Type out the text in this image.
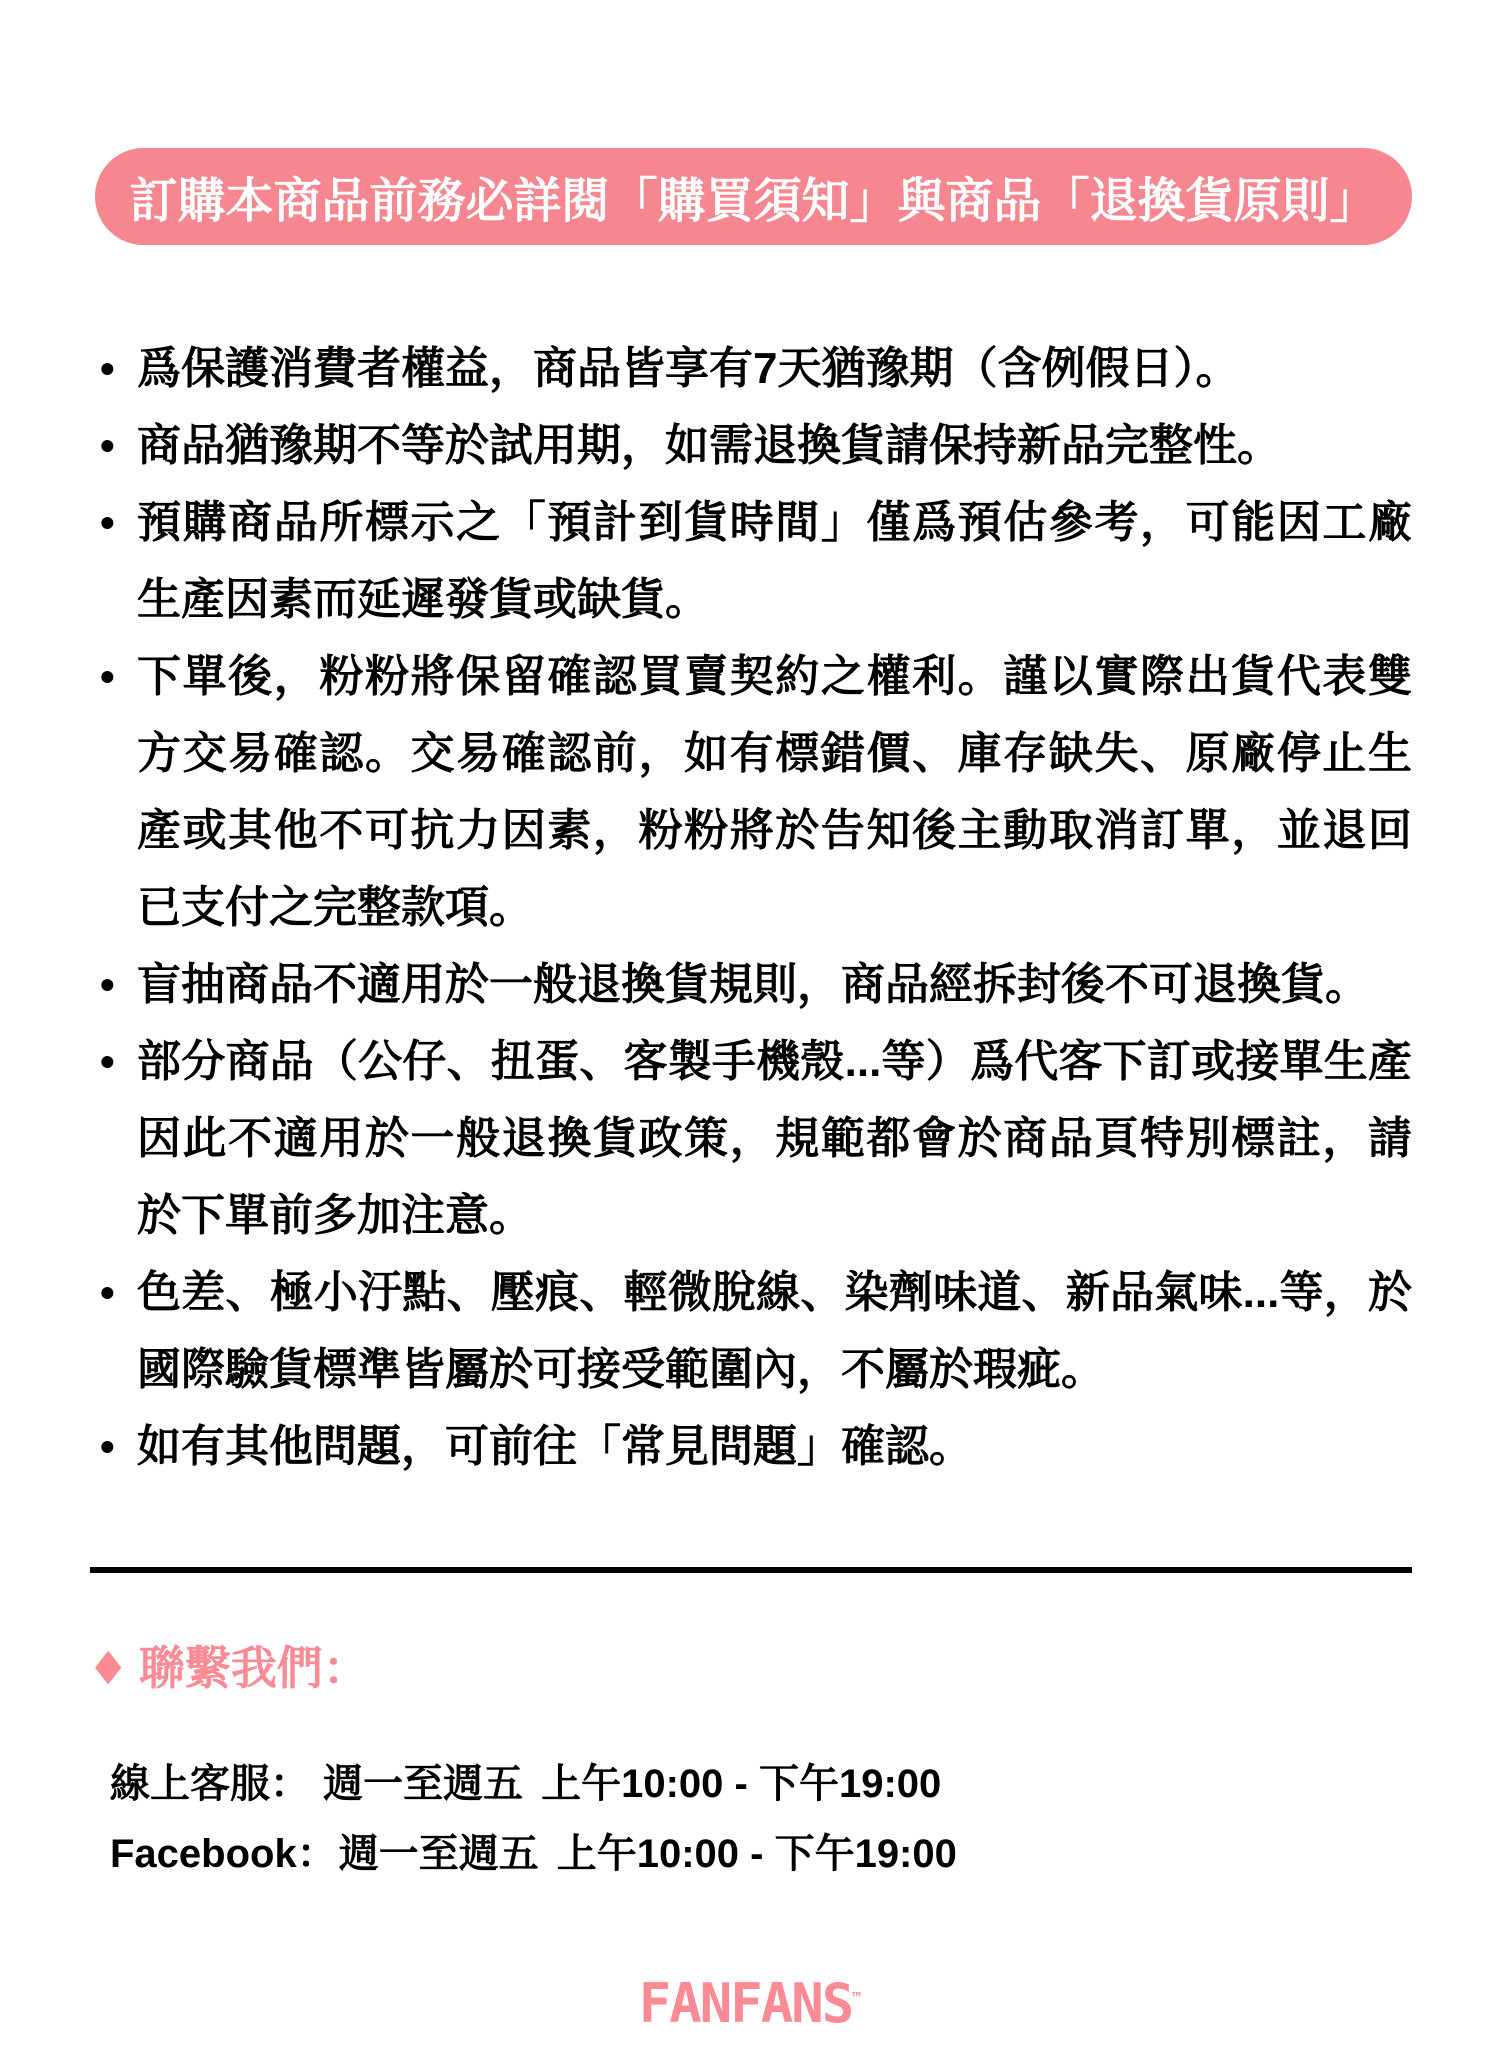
訂購本商品前務必詳閱「購買須知」與商品「退換貨原則」
• 爲保護消費者權益，商品皆享有7天猶豫期（含例假日）。
• 商品猶豫期不等於試用期，如需退換貨請保持新品完整性。
• 預購商品所標示之「預計到貨時間」僅爲預估參考，可能因工廠生產因素而延遲發貨或缺貨。
• 下單後，粉粉將保留確認買賣契約之權利。謹以實際出貨代表雙方交易確認。交易確認前，如有標錯價、庫存缺失、原廠停止生產或其他不可抗力因素，粉粉將於告知後主動取消訂單，並退回已支付之完整款項。
• 盲抽商品不適用於一般退換貨規則，商品經拆封後不可退換貨。
• 部分商品（公仔、扭蛋、客製手機殼...等）爲代客下訂或接單生產因此不適用於一般退換貨政策，規範都會於商品頁特別標註，請於下單前多加注意。
• 色差、極小汙點、壓痕、輕微脫線、染劑味道、新品氣味...等，於國際驗貨標準皆屬於可接受範圍內，不屬於瑕疵。
• 如有其他問題，可前往「常見問題」確認。
◆ 聯繫我們：
線上客服： 週一至週五 上午10:00 - 下午19:00
Facebook： 週一至週五 上午10:00 - 下午19:00
FANFANS™
